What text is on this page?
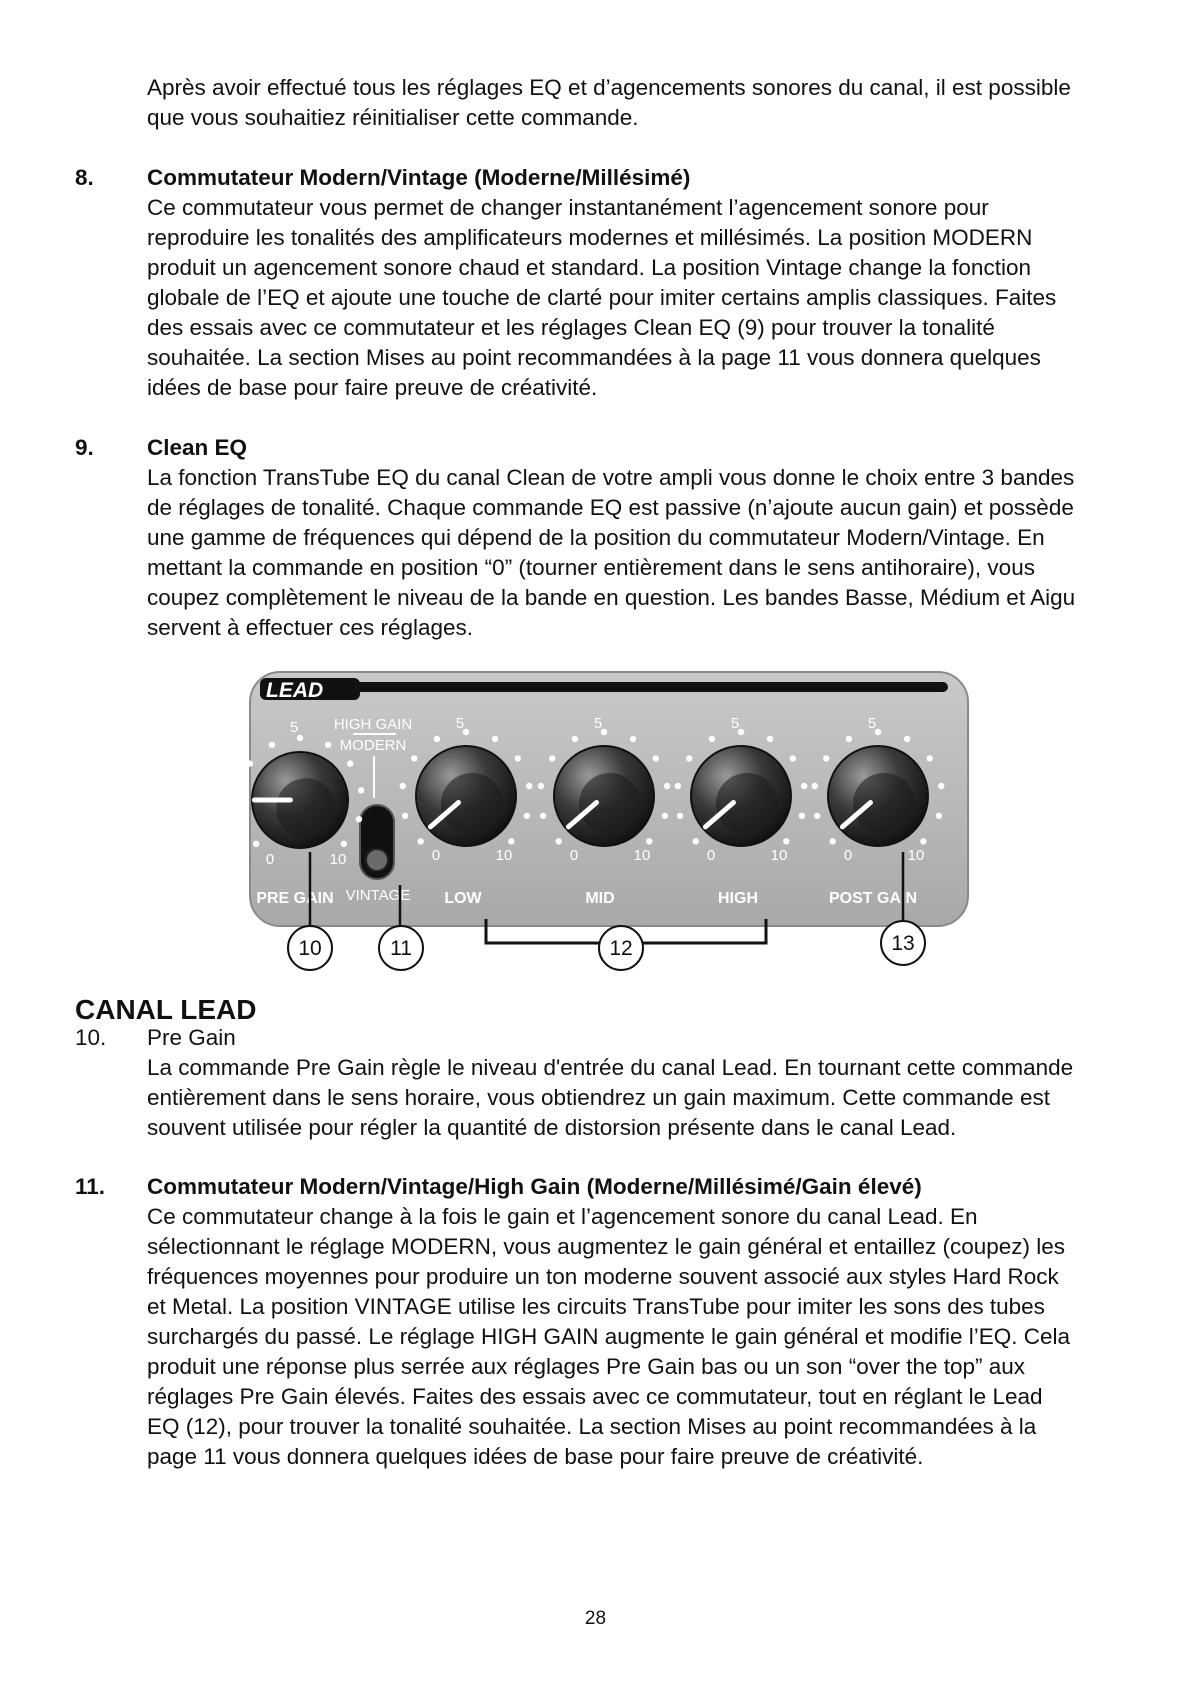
Après avoir effectué tous les réglages EQ et d’agencements sonores du canal, il est possible

que vous souhaitiez réinitialiser cette commande.

8. Commutateur Modern/Vintage (Moderne/Millésimé)

Ce commutateur vous permet de changer instantanément l’agencement sonore pour

reproduire les tonalités des amplificateurs modernes et millésimés. La position MODERN

produit un agencement sonore chaud et standard. La position Vintage change la fonction

globale de l’EQ et ajoute une touche de clarté pour imiter certains amplis classiques. Faites

des essais avec ce commutateur et les réglages Clean EQ (9) pour trouver la tonalité

souhaitée. La section Mises au point recommandées à la page 11 vous donnera quelques

idées de base pour faire preuve de créativité.

9. Clean EQ

La fonction TransTube EQ du canal Clean de votre ampli vous donne le choix entre 3 bandes

de réglages de tonalité. Chaque commande EQ est passive (n’ajoute aucun gain) et possède

une gamme de fréquences qui dépend de la position du commutateur Modern/Vintage. En

mettant la commande en position “0” (tourner entièrement dans le sens antihoraire), vous

coupez complètement le niveau de la bande en question. Les bandes Basse, Médium et Aigu

servent à effectuer ces réglages.

LEAD
HIGH GAIN
MODERN
VINTAGE
0	10
5
0	10
5
0	10
5
0	10
5
0	10
5
PRE GAIN	LOW	MID	HIGH	POST GAIN
10	11	12	13
CANAL LEAD
10. Pre Gain

La commande Pre Gain règle le niveau d'entrée du canal Lead. En tournant cette commande

entièrement dans le sens horaire, vous obtiendrez un gain maximum. Cette commande est

souvent utilisée pour régler la quantité de distorsion présente dans le canal Lead.

11. Commutateur Modern/Vintage/High Gain (Moderne/Millésimé/Gain élevé)

Ce commutateur change à la fois le gain et l’agencement sonore du canal Lead. En

sélectionnant le réglage MODERN, vous augmentez le gain général et entaillez (coupez) les

fréquences moyennes pour produire un ton moderne souvent associé aux styles Hard Rock

et Metal. La position VINTAGE utilise les circuits TransTube pour imiter les sons des tubes

surchargés du passé. Le réglage HIGH GAIN augmente le gain général et modifie l’EQ. Cela

produit une réponse plus serrée aux réglages Pre Gain bas ou un son “over the top” aux

réglages Pre Gain élevés. Faites des essais avec ce commutateur, tout en réglant le Lead

EQ (12), pour trouver la tonalité souhaitée. La section Mises au point recommandées à la

page 11 vous donnera quelques idées de base pour faire preuve de créativité.

28
